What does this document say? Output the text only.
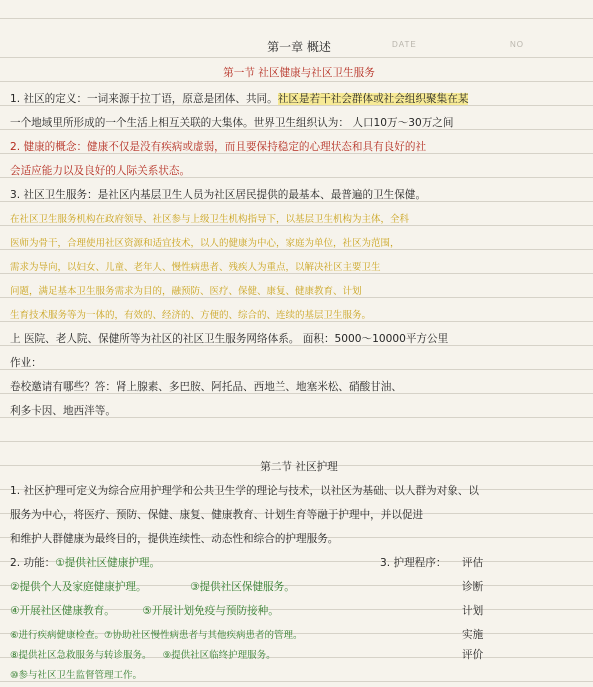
DATE	NO
第一章 概述
第一节 社区健康与社区卫生服务
1. 社区的定义：一词来源于拉丁语，原意是团体、共同。社区是若干社会群体或社会组织聚集在某
一个地域里所形成的一个生活上相互关联的大集体。世界卫生组织认为： 人口10万～30万之间
2. 健康的概念：健康不仅是没有疾病或虚弱，而且要保持稳定的心理状态和具有良好的社
会适应能力以及良好的人际关系状态。
3. 社区卫生服务：是社区内基层卫生人员为社区居民提供的最基本、最普遍的卫生保健。
在社区卫生服务机构在政府领导、社区参与上级卫生机构指导下，以基层卫生机构为主体，全科
医师为骨干，合理使用社区资源和适宜技术，以人的健康为中心，家庭为单位，社区为范围，
需求为导向，以妇女、儿童、老年人、慢性病患者、残疾人为重点，以解决社区主要卫生
问题，满足基本卫生服务需求为目的，融预防、医疗、保健、康复、健康教育、计划
生育技术服务等为一体的，有效的、经济的、方便的、综合的、连续的基层卫生服务。
上 医院、老人院、保健所等为社区的社区卫生服务网络体系。 面积：5000～10000平方公里
作业：
卷校邀请有哪些？答：肾上腺素、多巴胺、阿托品、西地兰、地塞米松、硝酸甘油、
利多卡因、地西泮等。
第二节 社区护理
1. 社区护理可定义为综合应用护理学和公共卫生学的理论与技术，以社区为基础、以人群为对象、以
服务为中心，将医疗、预防、保健、康复、健康教育、计划生育等融于护理中，并以促进
和维护人群健康为最终目的，提供连续性、动态性和综合的护理服务。
2. 功能：①提供社区健康护理。	3. 护理程序：	评估
②提供个人及家庭健康护理。	③提供社区保健服务。	诊断
④开展社区健康教育。	⑤开展计划免疫与预防接种。	计划
⑥进行疾病健康检查。⑦协助社区慢性病患者与其他疾病患者的管理。	实施
⑧提供社区急救服务与转诊服务。 ⑨提供社区临终护理服务。	评价
⑩参与社区卫生监督管理工作。
